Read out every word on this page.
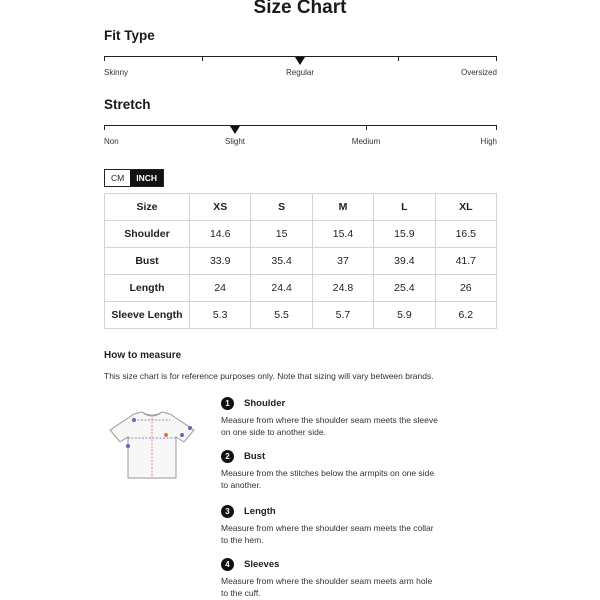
Size Chart
Fit Type
Skinny	Regular	Oversized
Stretch
Non	Slight	Medium	High
CM	INCH
Size	XS	S	M	L	XL
Shoulder	14.6	15	15.4	15.9	16.5
Bust	33.9	35.4	37	39.4	41.7
Length	24	24.4	24.8	25.4	26
Sleeve Length	5.3	5.5	5.7	5.9	6.2
How to measure
This size chart is for reference purposes only. Note that sizing will vary between brands.
1	Shoulder
Measure from where the shoulder seam meets the sleeve on one side to another side.
2	Bust
Measure from the stitches below the armpits on one side to another.
3	Length
Measure from where the shoulder seam meets the collar to the hem.
4	Sleeves
Measure from where the shoulder seam meets arm hole to the cuff.
